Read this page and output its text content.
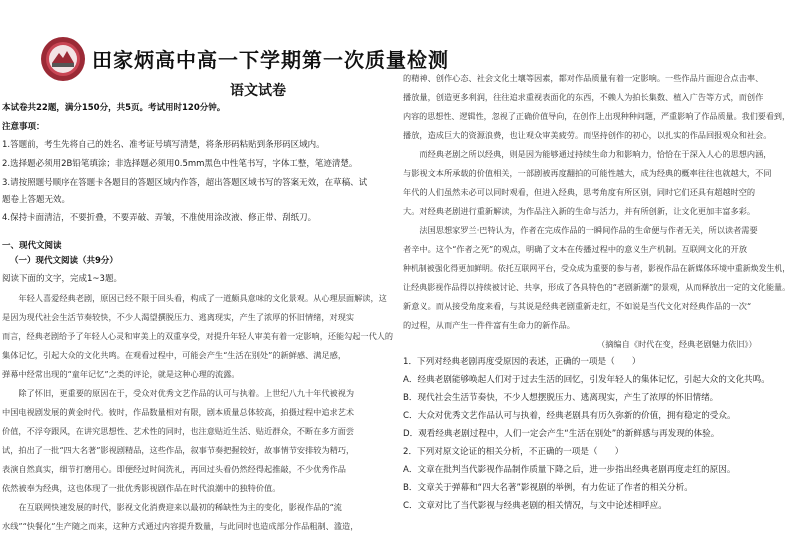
田家炳高中高一下学期第一次质量检测
语文试卷
本试卷共22题，满分150分，共5页。考试用时120分钟。
注意事项：
1.答题前，考生先将自己的姓名、准考证号填写清楚，将条形码粘贴到条形码区域内。
2.选择题必须用2B铅笔填涂；非选择题必须用0.5mm黑色中性笔书写，字体工整，笔迹清楚。
3.请按照题号顺序在答题卡各题目的答题区域内作答，超出答题区域书写的答案无效，在草稿、试
题卷上答题无效。
4.保持卡面清洁，不要折叠，不要弄破、弄皱，不准使用涂改液、修正带、刮纸刀。
一、现代文阅读
（一）现代文阅读（共9分）
阅读下面的文字，完成1~3题。
　　年轻人喜爱经典老剧，原因已经不限于回头看，构成了一道颇具意味的文化景观。从心理层面解读，这
是因为现代社会生活节奏较快，不少人渴望撰脱压力、逃离现实，产生了浓厚的怀旧情绪，对现实
而言，经典老剧给予了年轻人心灵和审美上的双重享受，对提升年轻人审美有着一定影响，还能勾起一代人的
集体记忆，引起大众的文化共鸣。在观看过程中，可能会产生“生活在别处”的新鲜感、满足感，
弹幕中经常出现的“童年记忆”之类的评论，就是这种心理的流露。
　　除了怀旧，更重要的原因在于，受众对优秀文艺作品的认可与执着。上世纪八九十年代被视为
中国电视剧发展的黄金时代。彼时，作品数量相对有限，剧本质量总体较高，拍摄过程中追求艺术
价值，不浮夸跟风，在讲究思想性、艺术性的同时，也注意贴近生活、贴近群众，不断在多方面尝
试，拍出了一批“四大名著”影视剧精品，这些作品，叙事节奏把握较好，故事情节安排较为精巧，
表演自然真实，细节打磨用心。即便经过时间洗礼，再回过头看仍然经得起推敲，不少优秀作品
依然被奉为经典，这也体现了一批优秀影视剧作品在时代浪潮中的独特价值。
　　在互联网快速发展的时代，影视文化消费迎来以最初的稀缺性为主的变化，影视作品的“流
水线”“快餐化”生产随之而来，这种方式通过内容提升数量，与此同时也造成部分作品粗制、滥造，
的精神、创作心态、社会文化土壤等因素，都对作品质量有着一定影响。一些作品片面迎合点击率、
播放量，创造更多利润，往往追求重视表面化的东西，不赖人为拍长集数、植入广告等方式，而创作
内容的思想性、逻辑性，忽视了正确价值导向，在创作上出现种种问题，严重影响了作品质量。我们要看到，
播放，造成巨大的资源浪费，也让观众审美疲劳。而坚持创作的初心，以扎实的作品回报观众和社会。
　　而经典老剧之所以经典，则是因为能够通过持续生命力和影响力，恰恰在于深入人心的思想内涵，
与影视文本所承载的价值相关，一部剧被再度翻拍的可能性越大，成为经典的概率往往也就越大，不同
年代的人们虽然未必可以同时观看，但进入经典，思考角度有所区别，同时它们还具有超越时空的
大。对经典老剧进行重新解读，为作品注入新的生命与活力，并有所创新，让文化更加丰富多彩。
　　法国思想家罗兰·巴特认为，作者在完成作品的一瞬间作品的生命便与作者无关，所以读者需要
者辛中。这个“作者之死”的观点，明确了文本在传播过程中的意义生产机制。互联网文化的开放
种机制被强化得更加鲜明。依托互联网平台，受众成为重要的参与者，影视作品在新媒体环境中重新焕发生机，
让经典影视作品得以持续被讨论、共享，形成了各具特色的“老剧新潮”的景观，从而释放出一定的文化能量。
新意义。而从接受角度来看，与其说是经典老剧重新走红，不如说是当代文化对经典作品的一次“
的过程，从而产生一件件富有生命力的新作品。
（摘编自《时代在变，经典老剧魅力依旧》）
1．下列对经典老剧再度受原因的表述，正确的一项是（　　）
A．经典老剧能够唤起人们对于过去生活的回忆，引发年轻人的集体记忆，引起大众的文化共鸣。
B．现代社会生活节奏快，不少人想摆脱压力、逃离现实，产生了浓厚的怀旧情绪。
C．大众对优秀文艺作品认可与执着，经典老剧具有历久弥新的价值，拥有稳定的受众。
D．观看经典老剧过程中，人们一定会产生“生活在别处”的新鲜感与再发现的体验。
2．下列对原文论证的相关分析，不正确的一项是（　　）
A．文章在批判当代影视作品制作质量下降之后，进一步指出经典老剧再度走红的原因。
B．文章关于弹幕和“四大名著”影视剧的举例，有力佐证了作者的相关分析。
C．文章对比了当代影视与经典老剧的相关情况，与文中论述相呼应。
